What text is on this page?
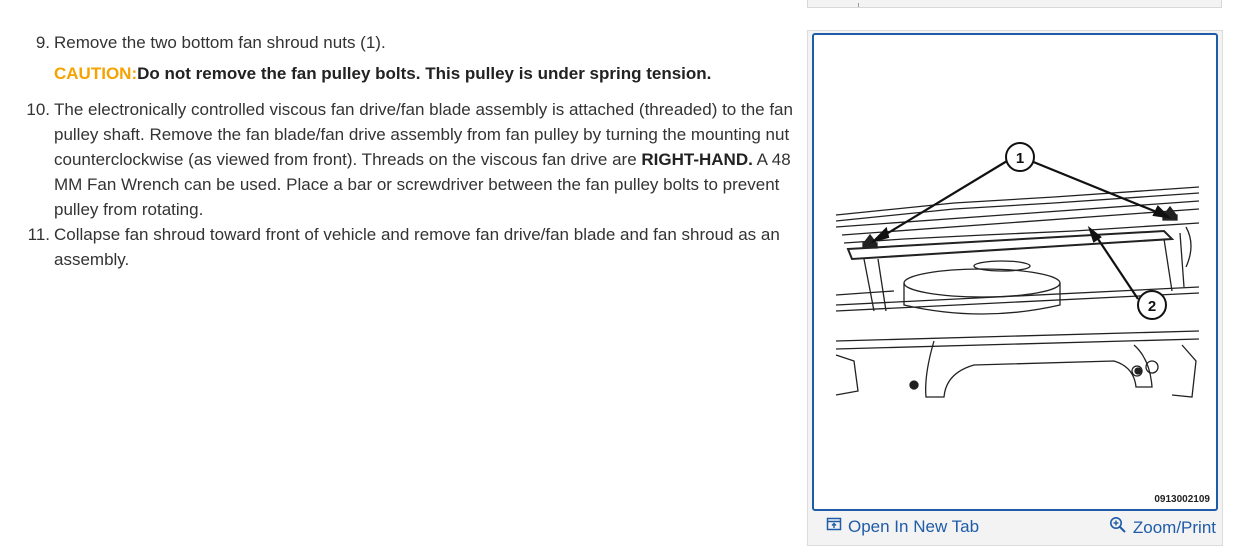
9. Remove the two bottom fan shroud nuts (1).
CAUTION:Do not remove the fan pulley bolts. This pulley is under spring tension.
10. The electronically controlled viscous fan drive/fan blade assembly is attached (threaded) to the fan pulley shaft. Remove the fan blade/fan drive assembly from fan pulley by turning the mounting nut counterclockwise (as viewed from front). Threads on the viscous fan drive are RIGHT-HAND. A 48 MM Fan Wrench can be used. Place a bar or screwdriver between the fan pulley bolts to prevent pulley from rotating.
11. Collapse fan shroud toward front of vehicle and remove fan drive/fan blade and fan shroud as an assembly.
1
2
0913002109
Open In New Tab	Zoom/Print
